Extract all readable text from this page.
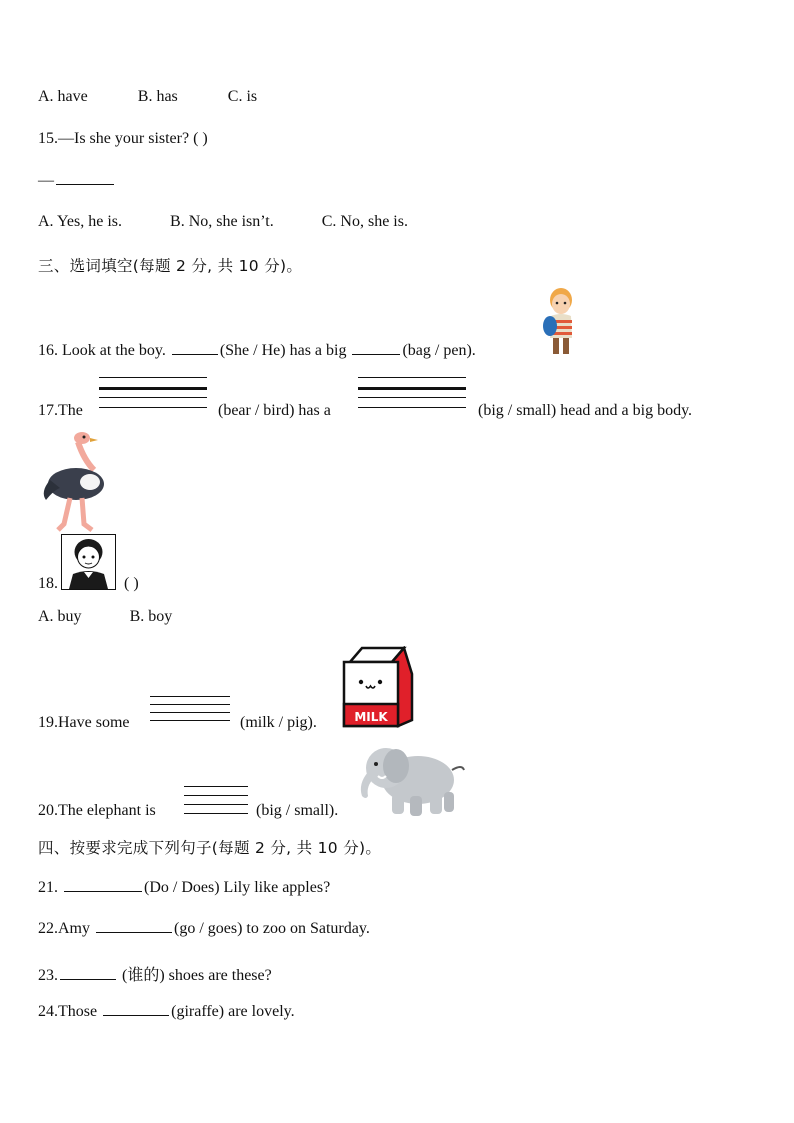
A. have	B. has	C. is
15.—Is she your sister? ( )
—
A. Yes, he is.	B. No, she isn’t.	C. No, she is.
三、选词填空(每题 2 分, 共 10 分)。
16. Look at the boy.	(She / He) has a big	(bag / pen).
17.The	(bear / bird) has a	(big / small) head and a big body.
18.	( )
A. buy	B. boy
MILK
19.Have some	(milk / pig).
20.The elephant is	(big / small).
四、按要求完成下列句子(每题 2 分, 共 10 分)。
21.	(Do / Does) Lily like apples?
22.Amy	(go / goes) to zoo on Saturday.
23.	(谁的) shoes are these?
24.Those	(giraffe) are lovely.
